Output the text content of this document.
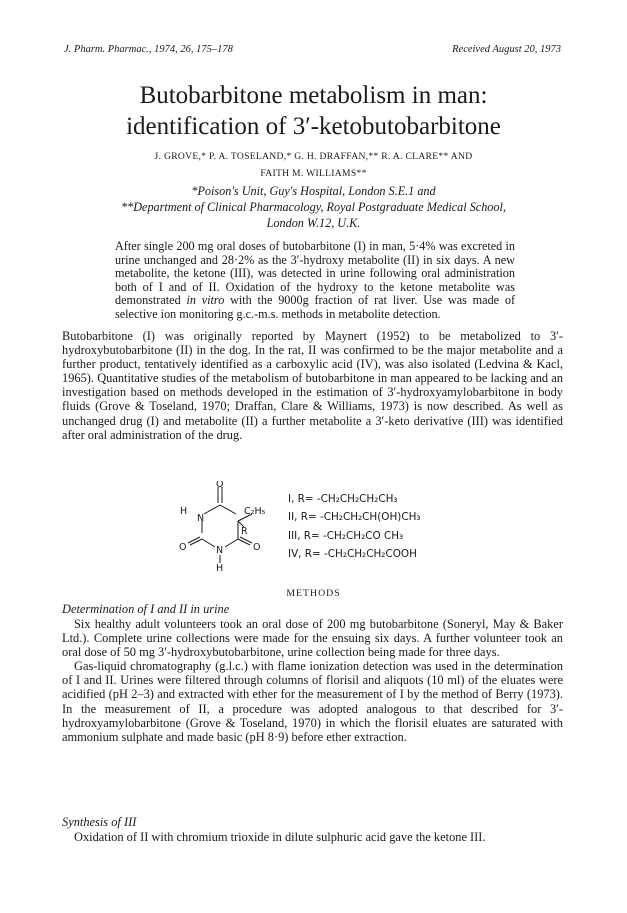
J. Pharm. Pharmac., 1974, 26, 175–178	Received August 20, 1973
Butobarbitone metabolism in man:
identification of 3′-ketobutobarbitone
J. GROVE,* P. A. TOSELAND,* G. H. DRAFFAN,** R. A. CLARE** AND
FAITH M. WILLIAMS**
*Poison's Unit, Guy's Hospital, London S.E.1 and
**Department of Clinical Pharmacology, Royal Postgraduate Medical School,
London W.12, U.K.
After single 200 mg oral doses of butobarbitone (I) in man, 5·4% was excreted in urine unchanged and 28·2% as the 3′-hydroxy metabolite (II) in six days. A new metabolite, the ketone (III), was detected in urine following oral administration both of I and of II. Oxidation of the hydroxy to the ketone metabolite was demonstrated in vitro with the 9000g fraction of rat liver. Use was made of selective ion monitoring g.c.-m.s. methods in metabolite detection.
Butobarbitone (I) was originally reported by Maynert (1952) to be metabolized to 3′-hydroxybutobarbitone (II) in the dog. In the rat, II was confirmed to be the major metabolite and a further product, tentatively identified as a carboxylic acid (IV), was also isolated (Ledvina & Kacl, 1965). Quantitative studies of the metabolism of butobarbitone in man appeared to be lacking and an investigation based on methods developed in the estimation of 3′-hydroxyamylobarbitone in body fluids (Grove & Toseland, 1970; Draffan, Clare & Williams, 1973) is now described. As well as unchanged drug (I) and metabolite (II) a further metabolite a 3′-keto derivative (III) was identified after oral administration of the drug.
O
N
H	C₂H₅
R
O	N
H
O
I, R= -CH₂CH₂CH₂CH₃
II, R= -CH₂CH₂CH(OH)CH₃
III, R= -CH₂CH₂CO CH₃
IV, R= -CH₂CH₂CH₂COOH
METHODS
Determination of I and II in urine

Six healthy adult volunteers took an oral dose of 200 mg butobarbitone (Soneryl, May & Baker Ltd.). Complete urine collections were made for the ensuing six days. A further volunteer took an oral dose of 50 mg 3′-hydroxybutobarbitone, urine collection being made for three days.

Gas-liquid chromatography (g.l.c.) with flame ionization detection was used in the determination of I and II. Urines were filtered through columns of florisil and aliquots (10 ml) of the eluates were acidified (pH 2–3) and extracted with ether for the measurement of I by the method of Berry (1973). In the measurement of II, a procedure was adopted analogous to that described for 3′-hydroxyamylobarbitone (Grove & Toseland, 1970) in which the florisil eluates are saturated with ammonium sulphate and made basic (pH 8·9) before ether extraction.

Synthesis of III

Oxidation of II with chromium trioxide in dilute sulphuric acid gave the ketone III.
